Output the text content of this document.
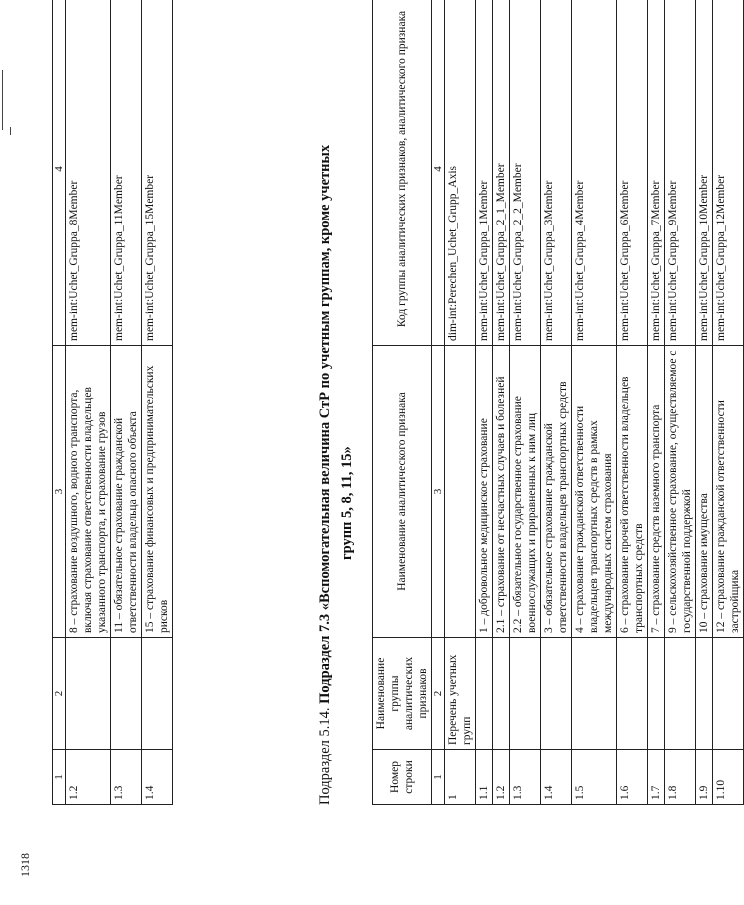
1318
1	2	3	4
1.2		8 – страхование воздушного, водного транспорта, включая страхование ответственности владельцев указанного транспорта, и страхование грузов	mem-int:Uchet_Gruppa_8Member
1.3		11 – обязательное страхование гражданской ответственности владельца опасного объекта	mem-int:Uchet_Gruppa_11Member
1.4		15 – страхование финансовых и предпринимательских рисков	mem-int:Uchet_Gruppa_15Member
Подраздел 5.14. Подраздел 7.3 «Вспомогательная величина СтР по учетным группам, кроме учетных групп 5, 8, 11, 15»
Номер строки	Наименование группы аналитических признаков	Наименование аналитического признака	Код группы аналитических признаков, аналитического признака
1	2	3	4
1	Перечень учетных групп		dim-int:Perechen_Uchet_Grupp_Axis
1.1		1 – добровольное медицинское страхование	mem-int:Uchet_Gruppa_1Member
1.2		2.1 – страхование от несчастных случаев и болезней	mem-int:Uchet_Gruppa_2_1_Member
1.3		2.2 – обязательное государственное страхование военнослужащих и приравненных к ним лиц	mem-int:Uchet_Gruppa_2_2_Member
1.4		3 – обязательное страхование гражданской ответственности владельцев транспортных средств	mem-int:Uchet_Gruppa_3Member
1.5		4 – страхование гражданской ответственности владельцев транспортных средств в рамках международных систем страхования	mem-int:Uchet_Gruppa_4Member
1.6		6 – страхование прочей ответственности владельцев транспортных средств	mem-int:Uchet_Gruppa_6Member
1.7		7 – страхование средств наземного транспорта	mem-int:Uchet_Gruppa_7Member
1.8		9 – сельскохозяйственное страхование, осуществляемое с государственной поддержкой	mem-int:Uchet_Gruppa_9Member
1.9		10 – страхование имущества	mem-int:Uchet_Gruppa_10Member
1.10		12 – страхование гражданской ответственности застройщика	mem-int:Uchet_Gruppa_12Member
